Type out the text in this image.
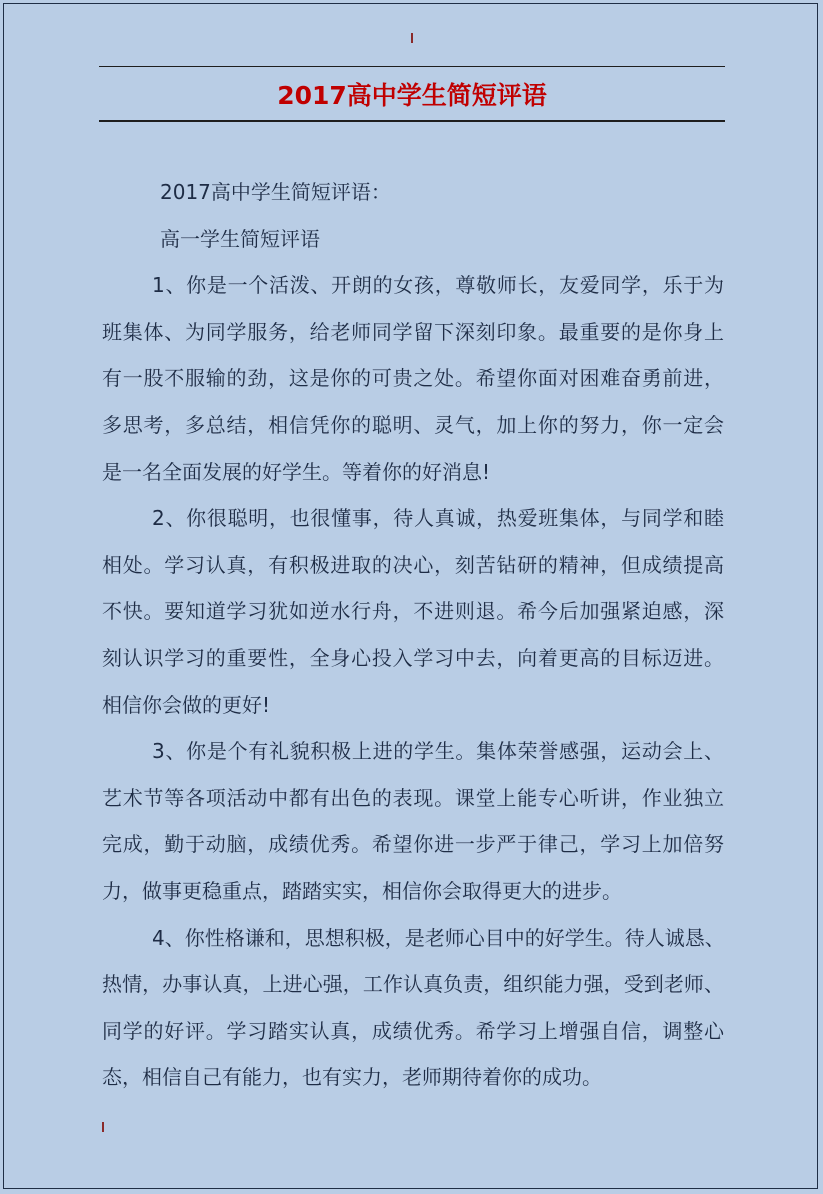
2017高中学生简短评语
2017高中学生简短评语：
高一学生简短评语
1、你是一个活泼、开朗的女孩，尊敬师长，友爱同学，乐于为
班集体、为同学服务，给老师同学留下深刻印象。最重要的是你身上
有一股不服输的劲，这是你的可贵之处。希望你面对困难奋勇前进，
多思考，多总结，相信凭你的聪明、灵气，加上你的努力，你一定会
是一名全面发展的好学生。等着你的好消息!
2、你很聪明，也很懂事，待人真诚，热爱班集体，与同学和睦
相处。学习认真，有积极进取的决心，刻苦钻研的精神，但成绩提高
不快。要知道学习犹如逆水行舟，不进则退。希今后加强紧迫感，深
刻认识学习的重要性，全身心投入学习中去，向着更高的目标迈进。
相信你会做的更好!
3、你是个有礼貌积极上进的学生。集体荣誉感强，运动会上、
艺术节等各项活动中都有出色的表现。课堂上能专心听讲，作业独立
完成，勤于动脑，成绩优秀。希望你进一步严于律己，学习上加倍努
力，做事更稳重点，踏踏实实，相信你会取得更大的进步。
4、你性格谦和，思想积极，是老师心目中的好学生。待人诚恳、
热情，办事认真，上进心强，工作认真负责，组织能力强，受到老师、
同学的好评。学习踏实认真，成绩优秀。希学习上增强自信，调整心
态，相信自己有能力，也有实力，老师期待着你的成功。
